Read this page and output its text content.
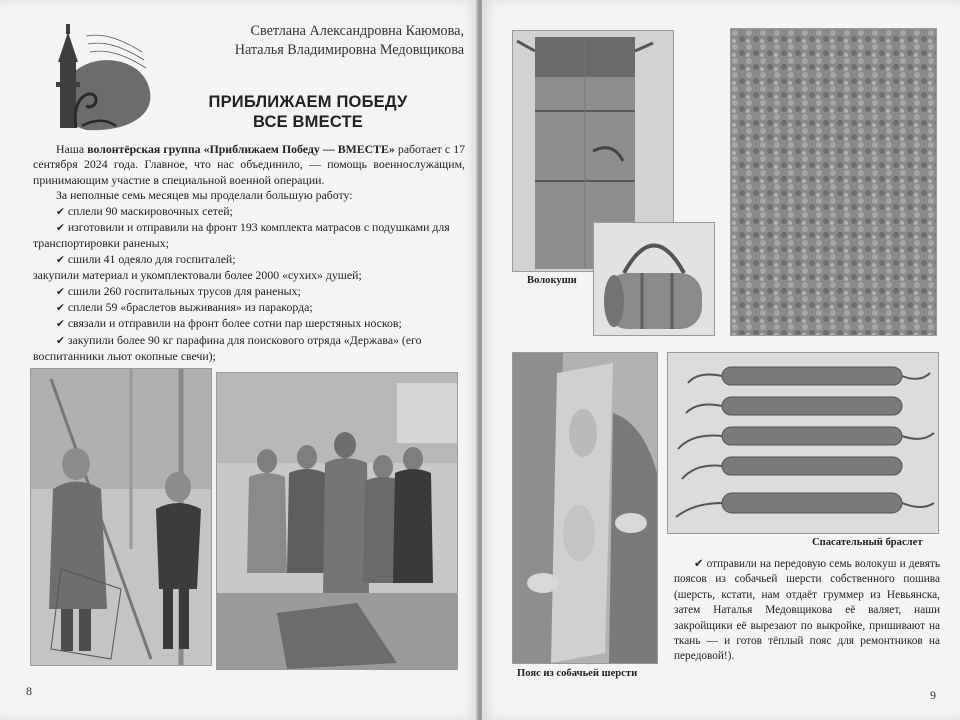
Светлана Александровна Каюмова,
Наталья Владимировна Медовщикова
ПРИБЛИЖАЕМ ПОБЕДУ
ВСЕ ВМЕСТЕ

Наша волонтёрская группа «Приближаем Победу — ВМЕСТЕ» работает с 17 сентября 2024 года. Главное, что нас объединило, — помощь военнослужащим, принимающим участие в специальной военной операции.

За неполные семь месяцев мы проделали большую работу:

✔ сплели 90 маскировочных сетей;

✔ изготовили и отправили на фронт 193 комплекта матрасов с подушками для транспортировки раненых;

✔ сшили 41 одеяло для госпиталей;

закупили материал и укомплектовали более 2000 «сухих» душей;

✔ сшили 260 госпитальных трусов для раненых;

✔ сплели 59 «браслетов выживания» из паракорда;

✔ связали и отправили на фронт более сотни пар шерстяных носков;

✔ закупили более 90 кг парафина для поискового отряда «Держава» (его воспитанники льют окопные свечи);

8
Волокуши
Пояс из собачьей шерсти
Спасательный браслет

✔ отправили на передовую семь волокуш и девять поясов из собачьей шерсти собственного пошива (шерсть, кстати, нам отдаёт груммер из Невьянска, затем Наталья Медовщикова её валяет, наши закройщики её вырезают по выкройке, пришивают на ткань — и готов тёплый пояс для ремонтников на передовой!).

9
